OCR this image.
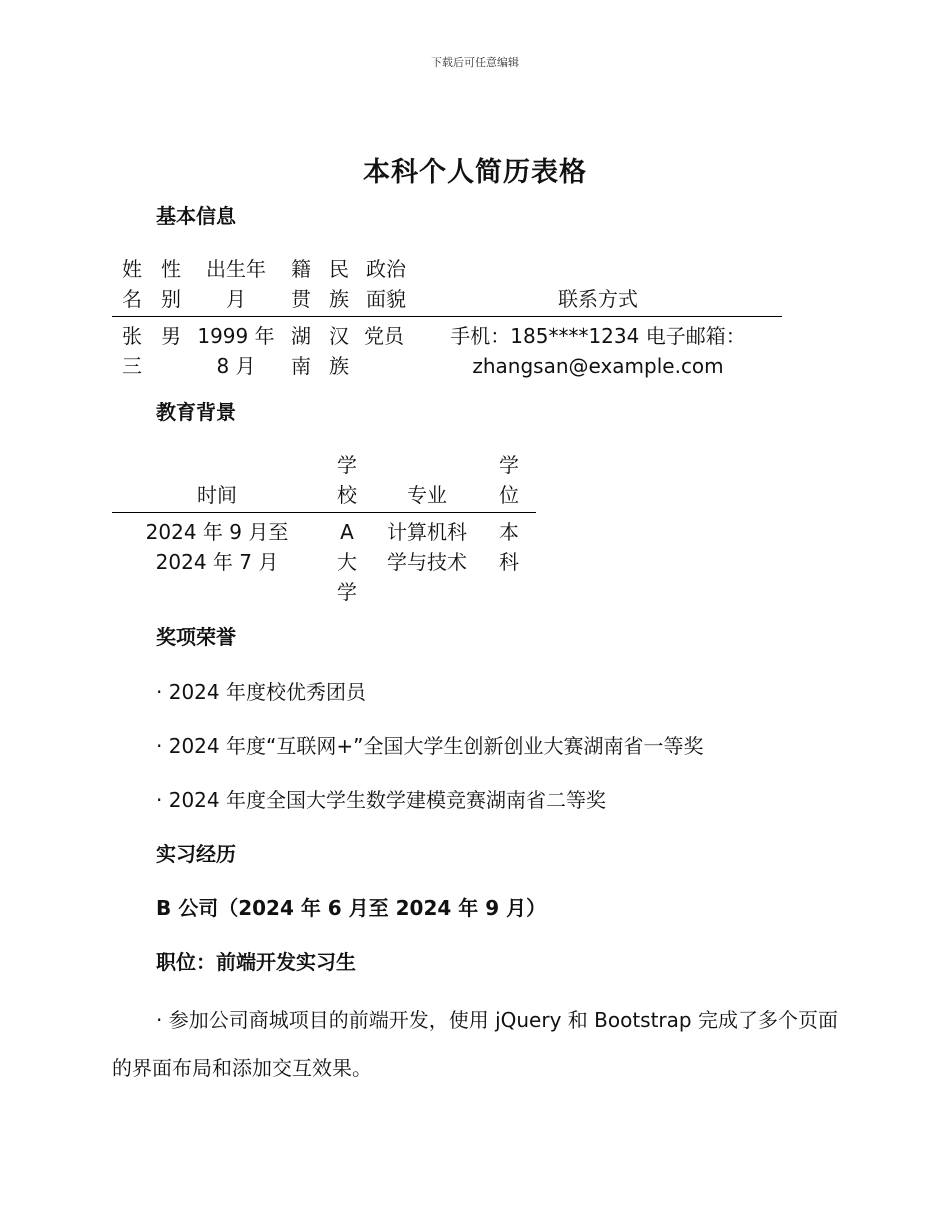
下载后可任意编辑
本科个人简历表格
基本信息
姓名	性别	出生年月	籍贯	民族	政治面貌	联系方式
张三	男	1999 年 8 月	湖南	汉族	党员	手机：185****1234 电子邮箱：
zhangsan@example.com
教育背景
时间	学校	专业	学位
2024 年 9 月至 2024 年 7 月	A 大学	计算机科学与技术	本科
奖项荣誉
· 2024 年度校优秀团员
· 2024 年度“互联网+”全国大学生创新创业大赛湖南省一等奖
· 2024 年度全国大学生数学建模竞赛湖南省二等奖
实习经历
B 公司（2024 年 6 月至 2024 年 9 月）
职位：前端开发实习生
· 参加公司商城项目的前端开发，使用 jQuery 和 Bootstrap 完成了多个页面的界面布局和添加交互效果。
